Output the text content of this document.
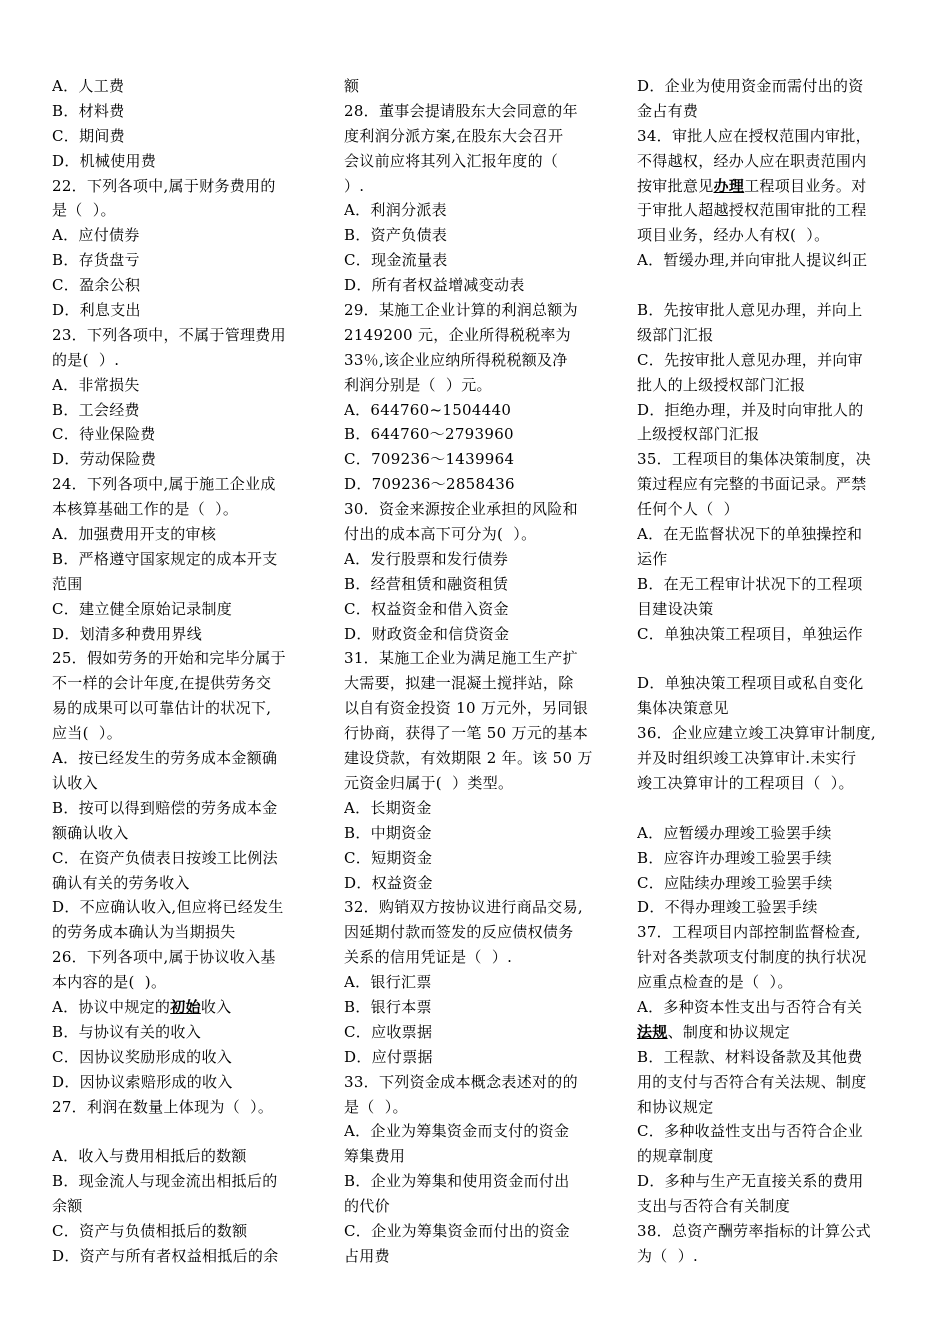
A．人工费
B．材料费
C．期间费
D．机械使用费
22．下列各项中,属于财务费用的
是（  ）。
A．应付债券
B．存货盘亏
C．盈余公积
D．利息支出
23．下列各项中，不属于管理费用
的是(  ）.
A．非常损失
B．工会经费
C．待业保险费
D．劳动保险费
24．下列各项中,属于施工企业成
本核算基础工作的是（  ）。
A．加强费用开支的审核
B．严格遵守国家规定的成本开支
范围
C．建立健全原始记录制度
D．划清多种费用界线
25．假如劳务的开始和完毕分属于
不一样的会计年度,在提供劳务交
易的成果可以可靠估计的状况下,
应当(  ）。
A．按已经发生的劳务成本金额确
认收入
B．按可以得到赔偿的劳务成本金
额确认收入
C．在资产负债表日按竣工比例法
确认有关的劳务收入
D．不应确认收入,但应将已经发生
的劳务成本确认为当期损失
26．下列各项中,属于协议收入基
本内容的是(  )。
A．协议中规定的初始收入
B．与协议有关的收入
C．因协议奖励形成的收入
D．因协议索赔形成的收入
27．利润在数量上体现为（  ）。
A．收入与费用相抵后的数额
B．现金流人与现金流出相抵后的
余额
C．资产与负债相抵后的数额
D．资产与所有者权益相抵后的余
额
28．董事会提请股东大会同意的年
度利润分派方案,在股东大会召开
会议前应将其列入汇报年度的（
）.
A．利润分派表
B．资产负债表
C．现金流量表
D．所有者权益增减变动表
29．某施工企业计算的利润总额为
2149200 元，企业所得税税率为
33％,该企业应纳所得税税额及净
利润分别是（  ）元。
A．644760~1504440
B．644760～2793960
C．709236～1439964
D．709236～2858436
30．资金来源按企业承担的风险和
付出的成本高下可分为(  ）。
A．发行股票和发行债券
B．经营租赁和融资租赁
C．权益资金和借入资金
D．财政资金和信贷资金
31．某施工企业为满足施工生产扩
大需要，拟建一混凝土搅拌站，除
以自有资金投资 10 万元外，另同银
行协商，获得了一笔 50 万元的基本
建设贷款，有效期限 2 年。该 50 万
元资金归属于(  ）类型。
A．长期资金
B．中期资金
C．短期资金
D．权益资金
32．购销双方按协议进行商品交易,
因延期付款而签发的反应债权债务
关系的信用凭证是（  ）.
A．银行汇票
B．银行本票
C．应收票据
D．应付票据
33．下列资金成本概念表述对的的
是（  ）。
A．企业为筹集资金而支付的资金
筹集费用
B．企业为筹集和使用资金而付出
的代价
C．企业为筹集资金而付出的资金
占用费
D．企业为使用资金而需付出的资
金占有费
34．审批人应在授权范围内审批，
不得越权，经办人应在职责范围内
按审批意见办理工程项目业务。对
于审批人超越授权范围审批的工程
项目业务，经办人有权(  ）。
A．暂缓办理,并向审批人提议纠正
B．先按审批人意见办理，并向上
级部门汇报
C．先按审批人意见办理，并向审
批人的上级授权部门汇报
D．拒绝办理，并及时向审批人的
上级授权部门汇报
35．工程项目的集体决策制度，决
策过程应有完整的书面记录。严禁
任何个人（  ）
A．在无监督状况下的单独操控和
运作
B．在无工程审计状况下的工程项
目建设决策
C．单独决策工程项目，单独运作
D．单独决策工程项目或私自变化
集体决策意见
36．企业应建立竣工决算审计制度,
并及时组织竣工决算审计.未实行
竣工决算审计的工程项目（  ）。
A．应暂缓办理竣工验罢手续
B．应容许办理竣工验罢手续
C．应陆续办理竣工验罢手续
D．不得办理竣工验罢手续
37．工程项目内部控制监督检查,
针对各类款项支付制度的执行状况
应重点检查的是（  ）。
A．多种资本性支出与否符合有关
法规、制度和协议规定
B．工程款、材料设备款及其他费
用的支付与否符合有关法规、制度
和协议规定
C．多种收益性支出与否符合企业
的规章制度
D．多种与生产无直接关系的费用
支出与否符合有关制度
38．总资产酬劳率指标的计算公式
为（  ）.
